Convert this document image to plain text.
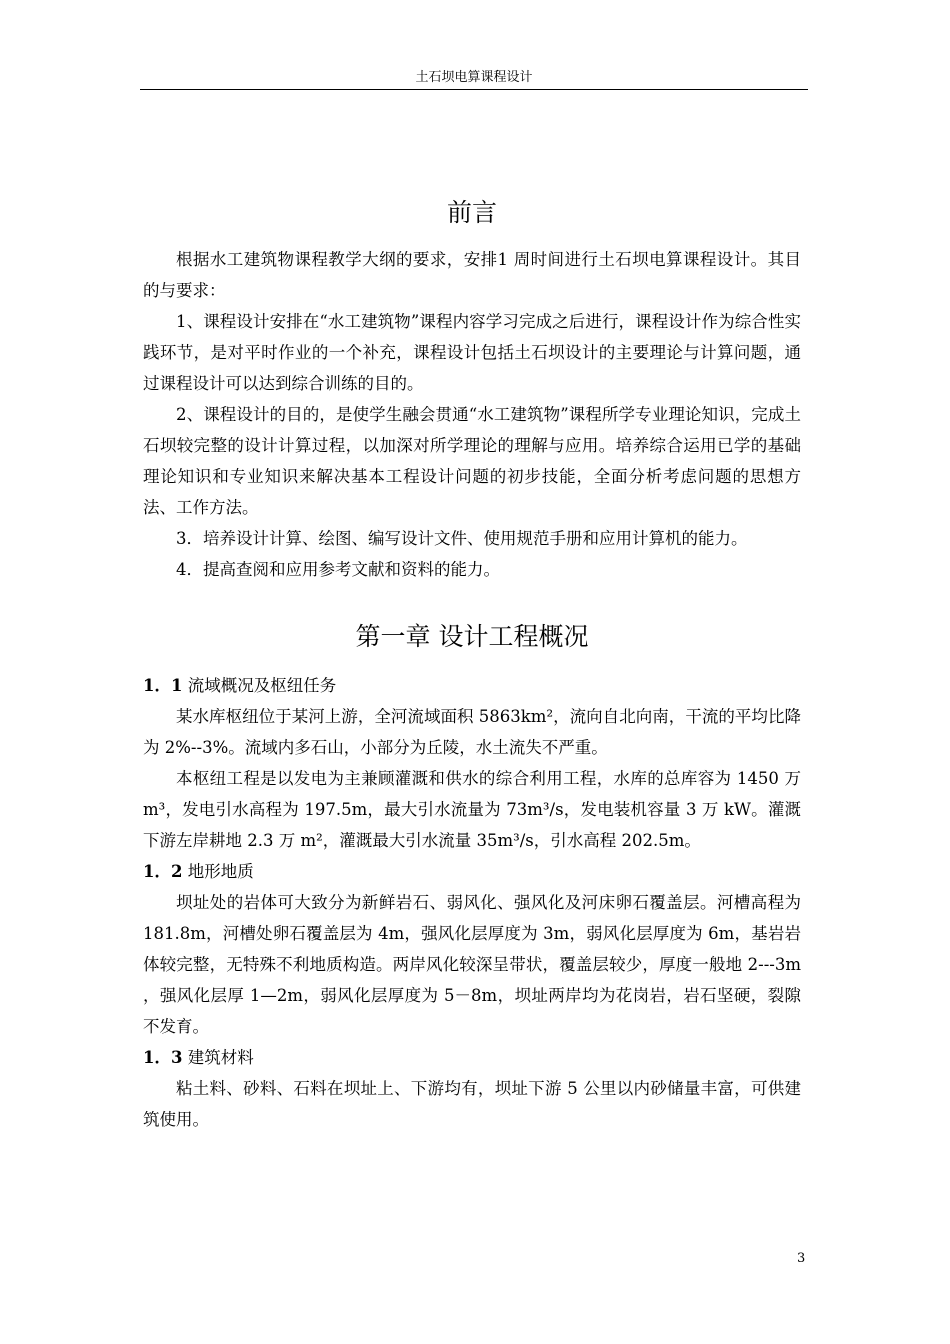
土石坝电算课程设计
前言

根据水工建筑物课程教学大纲的要求，安排1 周时间进行土石坝电算课程设计。其目的与要求：

1、课程设计安排在“水工建筑物”课程内容学习完成之后进行，课程设计作为综合性实践环节，是对平时作业的一个补充，课程设计包括土石坝设计的主要理论与计算问题，通过课程设计可以达到综合训练的目的。

2、课程设计的目的，是使学生融会贯通“水工建筑物”课程所学专业理论知识，完成土石坝较完整的设计计算过程，以加深对所学理论的理解与应用。培养综合运用已学的基础理论知识和专业知识来解决基本工程设计问题的初步技能，全面分析考虑问题的思想方法、工作方法。

3．培养设计计算、绘图、编写设计文件、使用规范手册和应用计算机的能力。

4．提高查阅和应用参考文献和资料的能力。

第一章 设计工程概况

1．1 流域概况及枢纽任务

某水库枢纽位于某河上游，全河流域面积 5863km²，流向自北向南，干流的平均比降为 2%--3%。流域内多石山，小部分为丘陵，水土流失不严重。

本枢纽工程是以发电为主兼顾灌溉和供水的综合利用工程，水库的总库容为 1450 万 m³，发电引水高程为 197.5m，最大引水流量为 73m³/s，发电装机容量 3 万 kW。灌溉下游左岸耕地 2.3 万 m²，灌溉最大引水流量 35m³/s，引水高程 202.5m。

1．2 地形地质

坝址处的岩体可大致分为新鲜岩石、弱风化、强风化及河床卵石覆盖层。河槽高程为 181.8m，河槽处卵石覆盖层为 4m，强风化层厚度为 3m，弱风化层厚度为 6m，基岩岩体较完整，无特殊不利地质构造。两岸风化较深呈带状，覆盖层较少，厚度一般地 2---3m ，强风化层厚 1—2m，弱风化层厚度为 5－8m，坝址两岸均为花岗岩，岩石坚硬，裂隙不发育。

1．3 建筑材料

粘土料、砂料、石料在坝址上、下游均有，坝址下游 5 公里以内砂储量丰富，可供建筑使用。

3
